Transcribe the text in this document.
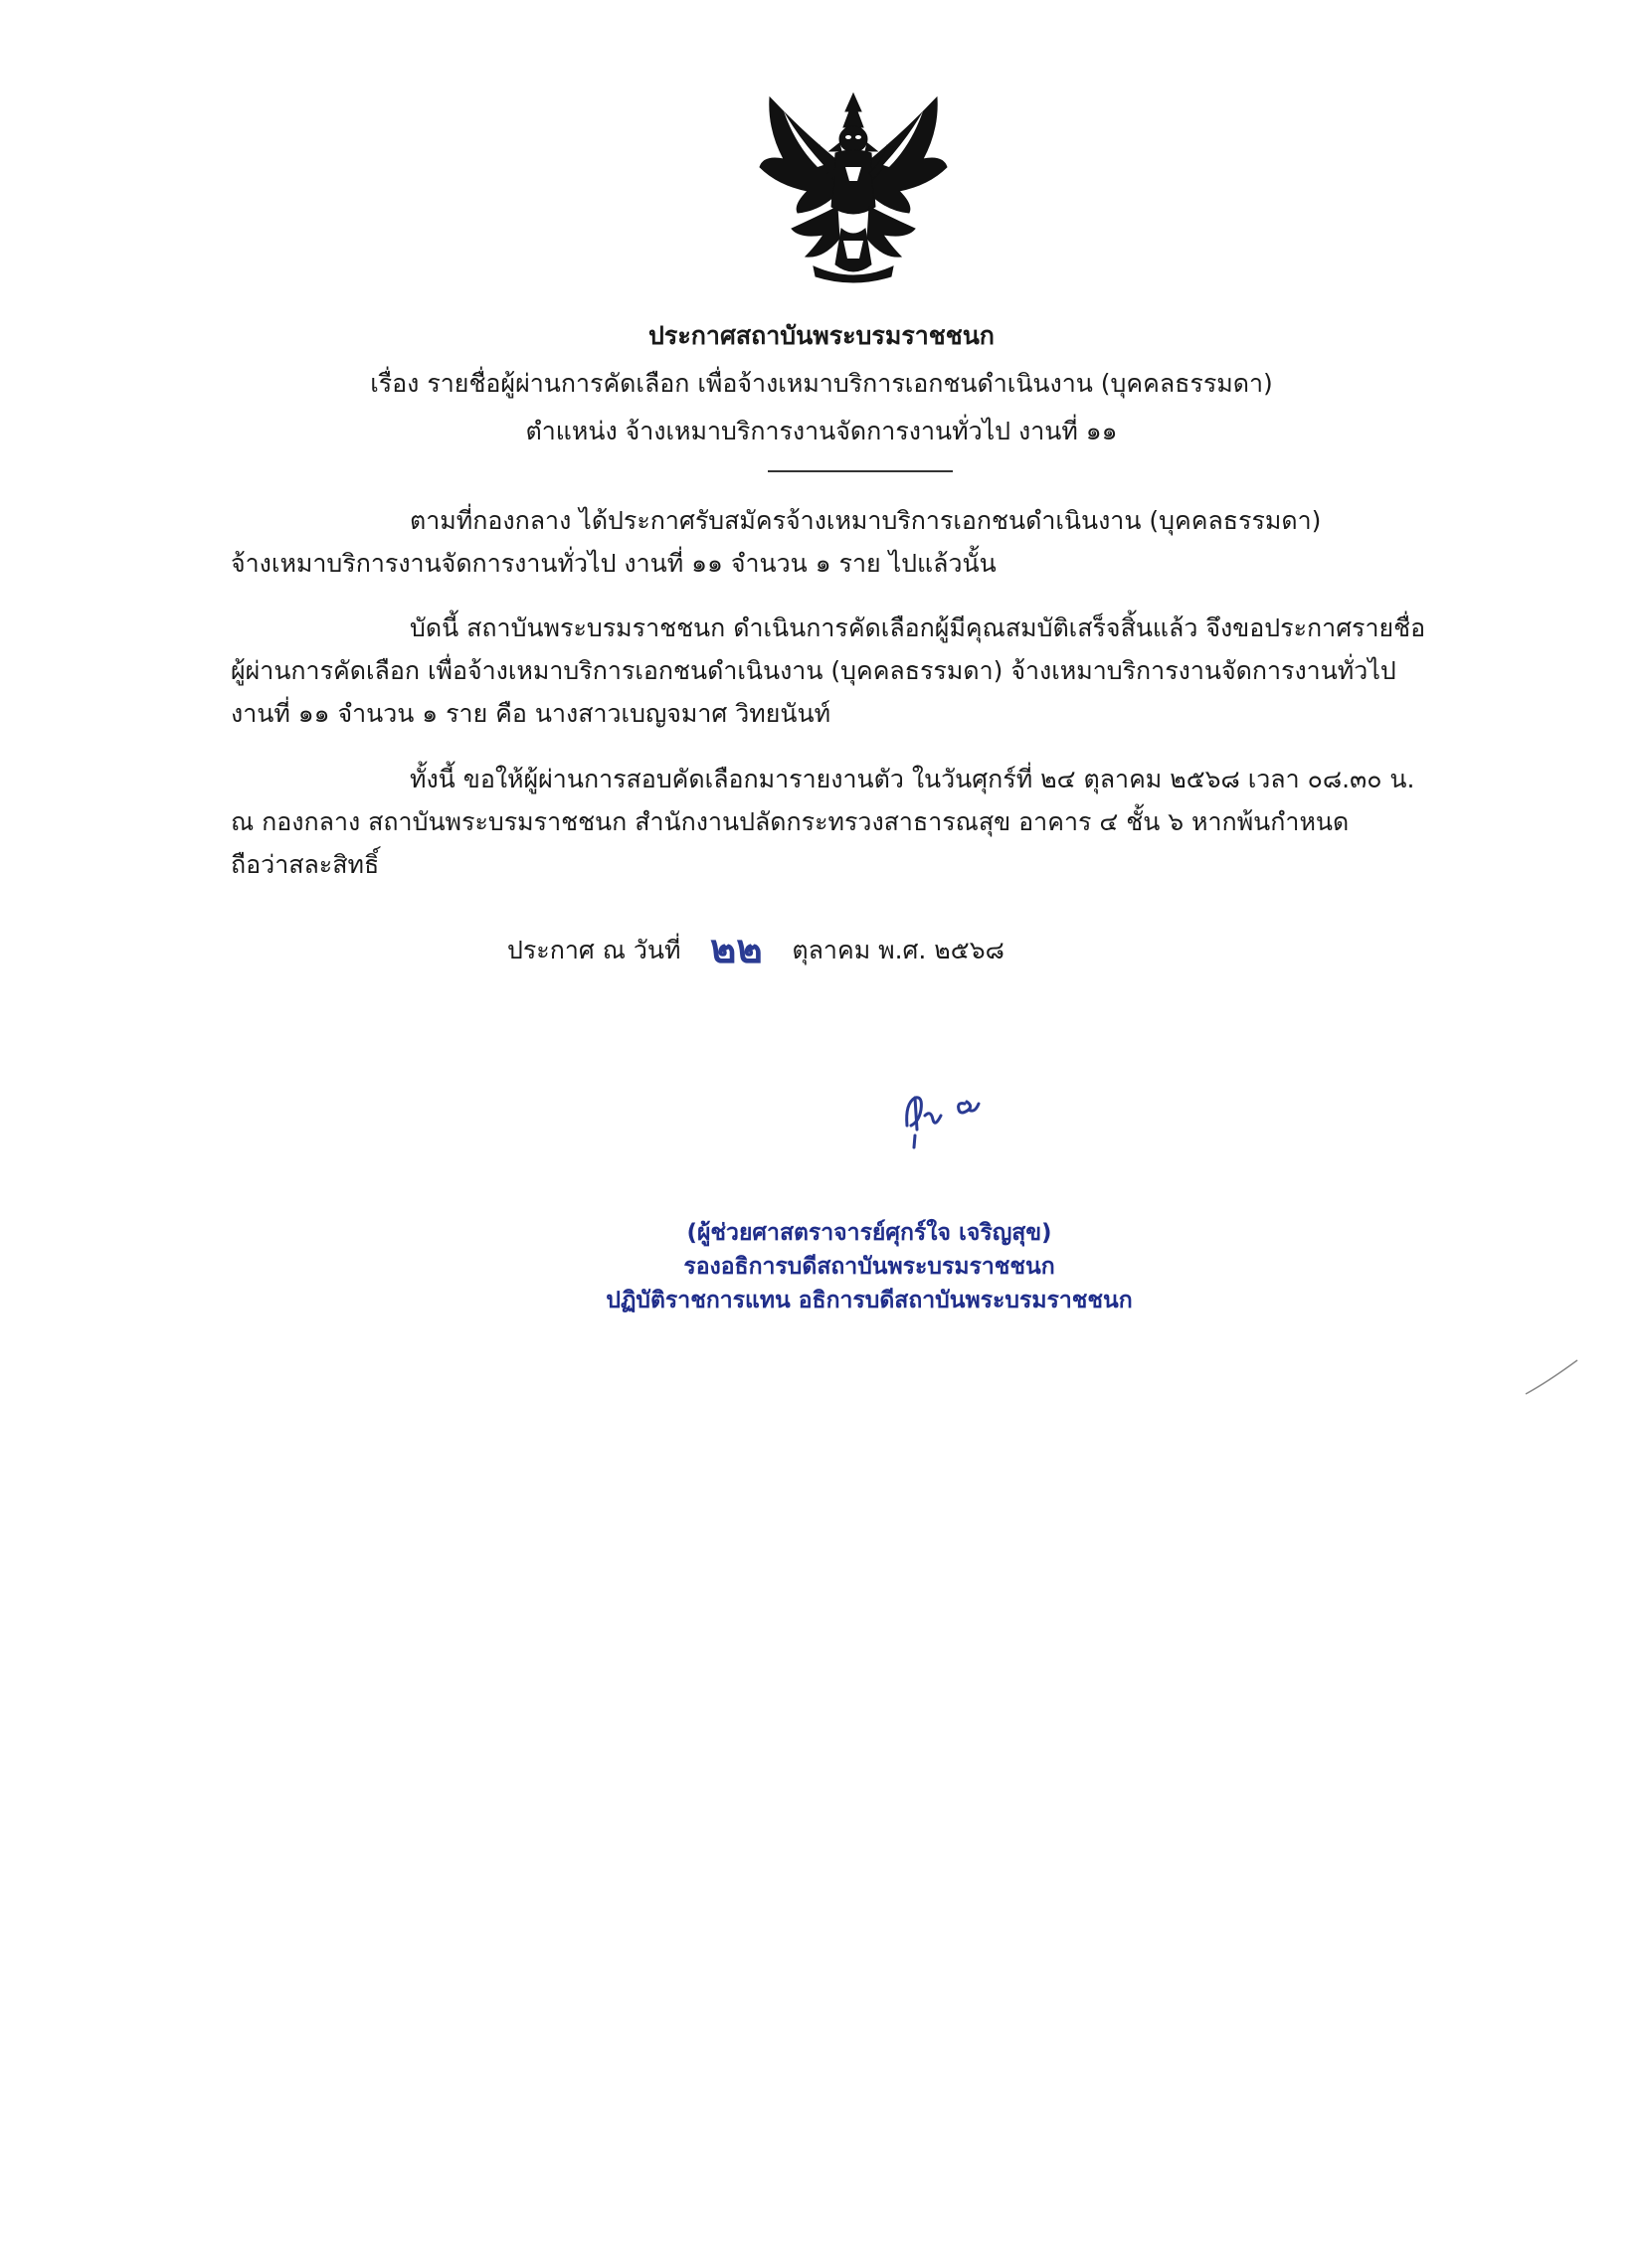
ประกาศสถาบันพระบรมราชชนก
เรื่อง รายชื่อผู้ผ่านการคัดเลือก เพื่อจ้างเหมาบริการเอกชนดำเนินงาน (บุคคลธรรมดา)
ตำแหน่ง จ้างเหมาบริการงานจัดการงานทั่วไป งานที่ ๑๑
ตามที่กองกลาง ได้ประกาศรับสมัครจ้างเหมาบริการเอกชนดำเนินงาน (บุคคลธรรมดา)
จ้างเหมาบริการงานจัดการงานทั่วไป งานที่ ๑๑ จำนวน ๑ ราย ไปแล้วนั้น
บัดนี้ สถาบันพระบรมราชชนก ดำเนินการคัดเลือกผู้มีคุณสมบัติเสร็จสิ้นแล้ว จึงขอประกาศรายชื่อ
ผู้ผ่านการคัดเลือก เพื่อจ้างเหมาบริการเอกชนดำเนินงาน (บุคคลธรรมดา) จ้างเหมาบริการงานจัดการงานทั่วไป
งานที่ ๑๑ จำนวน ๑ ราย คือ นางสาวเบญจมาศ วิทยนันท์
ทั้งนี้ ขอให้ผู้ผ่านการสอบคัดเลือกมารายงานตัว ในวันศุกร์ที่ ๒๔ ตุลาคม ๒๕๖๘ เวลา ๐๘.๓๐ น.
ณ กองกลาง สถาบันพระบรมราชชนก สำนักงานปลัดกระทรวงสาธารณสุข อาคาร ๔ ชั้น ๖ หากพ้นกำหนด
ถือว่าสละสิทธิ์
ประกาศ ณ วันที่ ๒๒ ตุลาคม พ.ศ. ๒๕๖๘
(ผู้ช่วยศาสตราจารย์ศุกร์ใจ เจริญสุข)
รองอธิการบดีสถาบันพระบรมราชชนก
ปฏิบัติราชการแทน อธิการบดีสถาบันพระบรมราชชนก
